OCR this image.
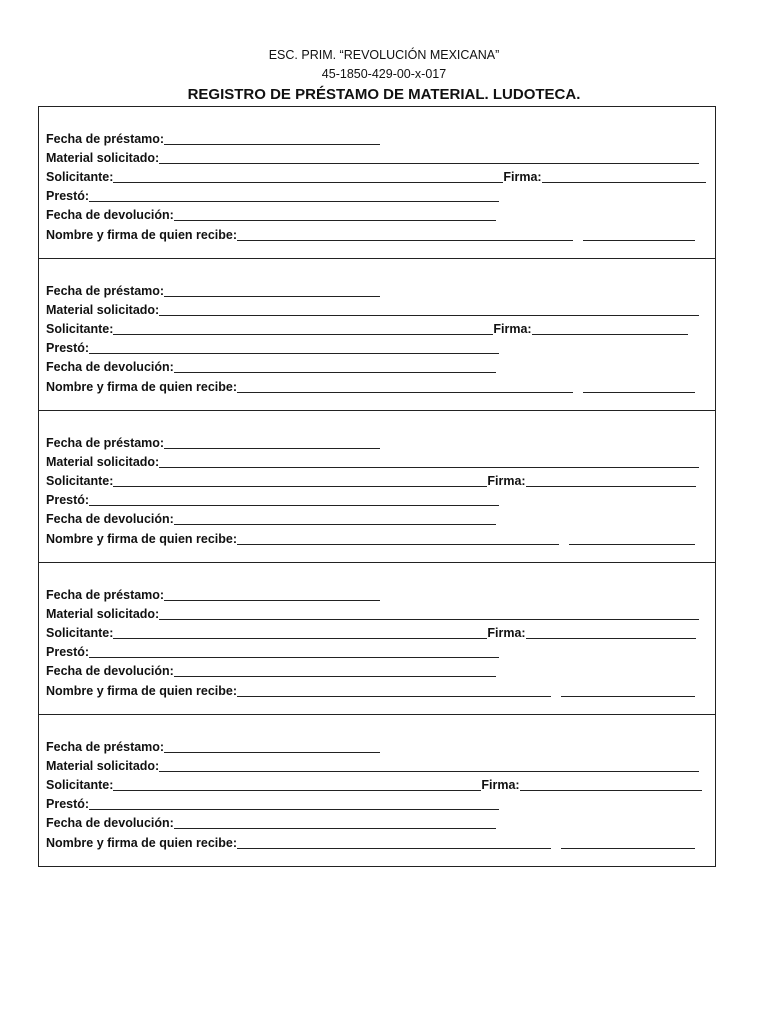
ESC. PRIM. “REVOLUCIÓN MEXICANA”
45-1850-429-00-x-017
REGISTRO DE PRÉSTAMO DE MATERIAL. LUDOTECA.
Fecha de préstamo:
Material solicitado:
Solicitante:	Firma:
Prestó:
Fecha de devolución:
Nombre y firma de quien recibe:
Fecha de préstamo:
Material solicitado:
Solicitante:	Firma:
Prestó:
Fecha de devolución:
Nombre y firma de quien recibe:
Fecha de préstamo:
Material solicitado:
Solicitante:	Firma:
Prestó:
Fecha de devolución:
Nombre y firma de quien recibe:
Fecha de préstamo:
Material solicitado:
Solicitante:	Firma:
Prestó:
Fecha de devolución:
Nombre y firma de quien recibe:
Fecha de préstamo:
Material solicitado:
Solicitante:	Firma:
Prestó:
Fecha de devolución:
Nombre y firma de quien recibe:
